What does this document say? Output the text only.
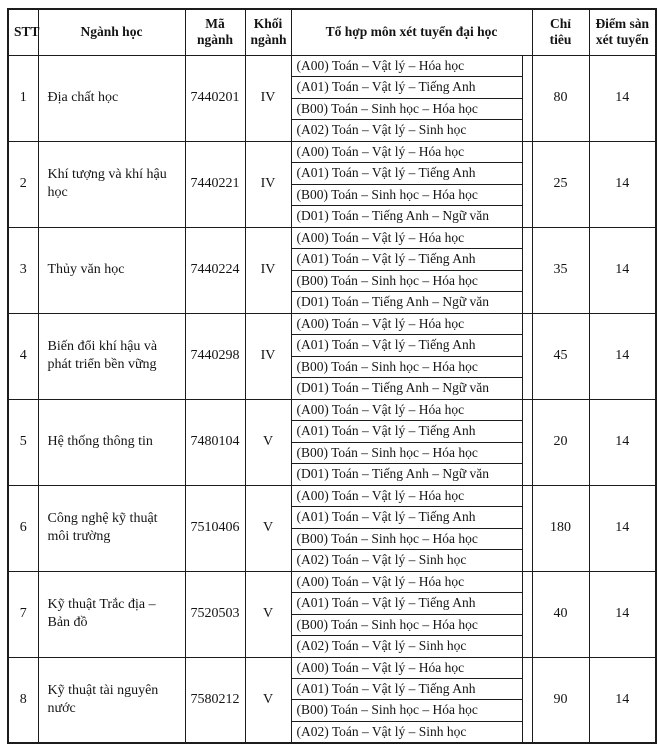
STT	Ngành học	Mã ngành	Khối ngành	Tổ hợp môn xét tuyển đại học	Chỉ tiêu	Điểm sàn xét tuyển
1	Địa chất học	7440201	IV	(A00) Toán – Vật lý – Hóa học
(A01) Toán – Vật lý – Tiếng Anh
(B00) Toán – Sinh học – Hóa học
(A02) Toán – Vật lý – Sinh học	80	14
2	Khí tượng và khí hậu học	7440221	IV	(A00) Toán – Vật lý – Hóa học
(A01) Toán – Vật lý – Tiếng Anh
(B00) Toán – Sinh học – Hóa học
(D01) Toán – Tiếng Anh – Ngữ văn	25	14
3	Thủy văn học	7440224	IV	(A00) Toán – Vật lý – Hóa học
(A01) Toán – Vật lý – Tiếng Anh
(B00) Toán – Sinh học – Hóa học
(D01) Toán – Tiếng Anh – Ngữ văn	35	14
4	Biến đổi khí hậu và phát triển bền vững	7440298	IV	(A00) Toán – Vật lý – Hóa học
(A01) Toán – Vật lý – Tiếng Anh
(B00) Toán – Sinh học – Hóa học
(D01) Toán – Tiếng Anh – Ngữ văn	45	14
5	Hệ thống thông tin	7480104	V	(A00) Toán – Vật lý – Hóa học
(A01) Toán – Vật lý – Tiếng Anh
(B00) Toán – Sinh học – Hóa học
(D01) Toán – Tiếng Anh – Ngữ văn	20	14
6	Công nghệ kỹ thuật môi trường	7510406	V	(A00) Toán – Vật lý – Hóa học
(A01) Toán – Vật lý – Tiếng Anh
(B00) Toán – Sinh học – Hóa học
(A02) Toán – Vật lý – Sinh học	180	14
7	Kỹ thuật Trắc địa – Bản đồ	7520503	V	(A00) Toán – Vật lý – Hóa học
(A01) Toán – Vật lý – Tiếng Anh
(B00) Toán – Sinh học – Hóa học
(A02) Toán – Vật lý – Sinh học	40	14
8	Kỹ thuật tài nguyên nước	7580212	V	(A00) Toán – Vật lý – Hóa học
(A01) Toán – Vật lý – Tiếng Anh
(B00) Toán – Sinh học – Hóa học
(A02) Toán – Vật lý – Sinh học	90	14
